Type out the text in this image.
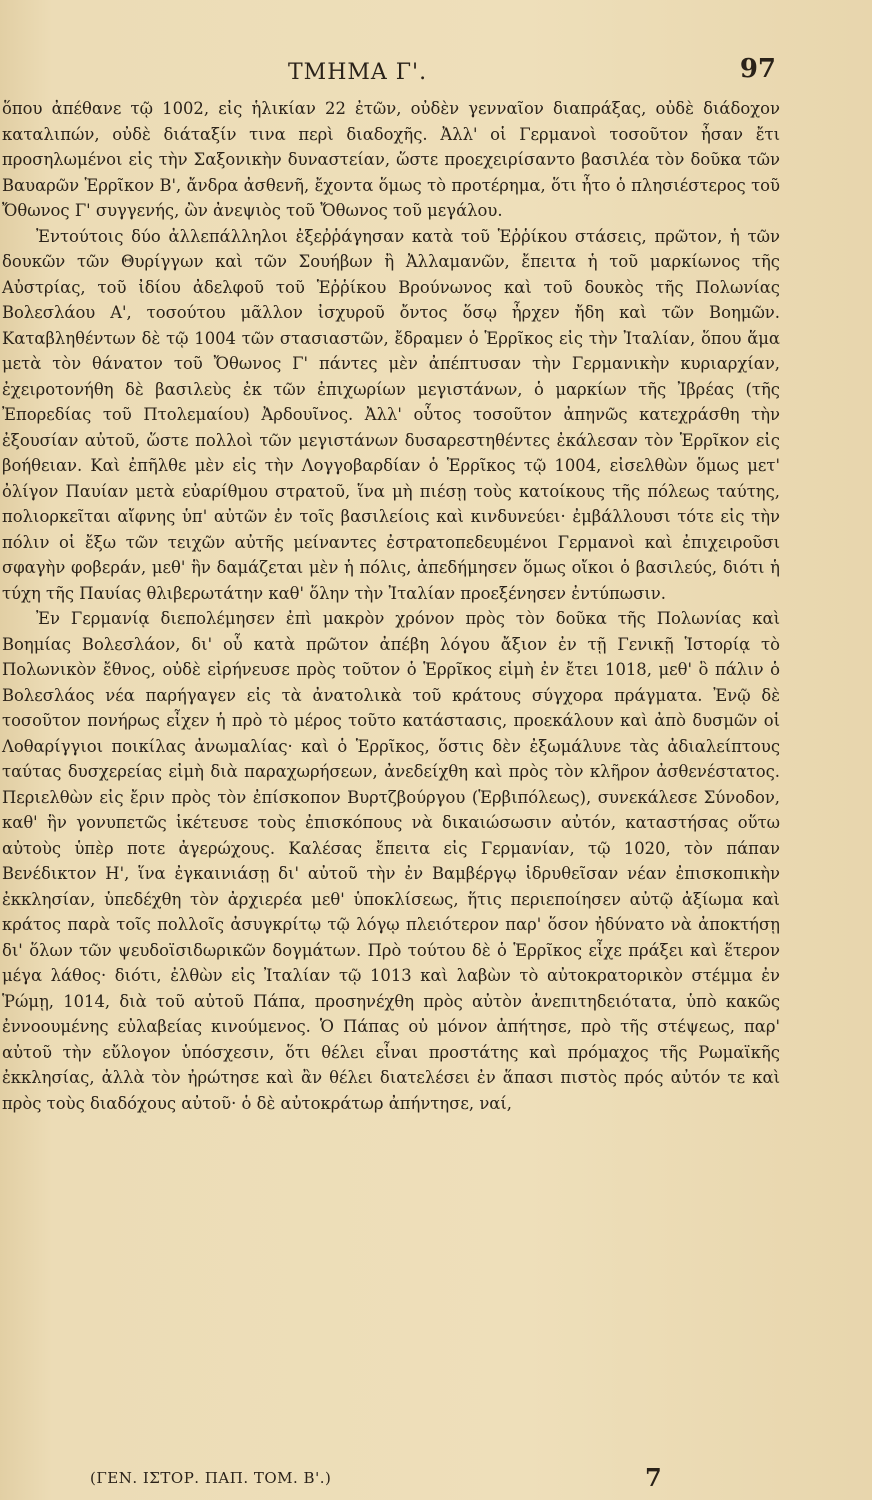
ΤΜΗΜΑ Γ'.	97

ὅπου ἀπέθανε τῷ 1002, εἰς ἡλικίαν 22 ἐτῶν, οὐδὲν γενναῖον διαπράξας, οὐδὲ διάδοχον καταλιπών, οὐδὲ διάταξίν τινα περὶ διαδοχῆς. Ἀλλ' οἱ Γερμανοὶ τοσοῦτον ἦσαν ἔτι προσηλωμένοι εἰς τὴν Σαξονικὴν δυναστείαν, ὥστε προεχειρίσαντο βασιλέα τὸν δοῦκα τῶν Βαυαρῶν Ἑρρῖκον Β', ἄνδρα ἀσθενῆ, ἔχοντα ὅμως τὸ προτέρημα, ὅτι ἦτο ὁ πλησιέστερος τοῦ Ὄθωνος Γ' συγγενής, ὢν ἀνεψιὸς τοῦ Ὄθωνος τοῦ μεγάλου.

Ἐντούτοις δύο ἀλλεπάλληλοι ἐξεῤῥάγησαν κατὰ τοῦ Ἑῤῥίκου στάσεις, πρῶτον, ἡ τῶν δουκῶν τῶν Θυρίγγων καὶ τῶν Σουήβων ἢ Ἀλλαμανῶν, ἔπειτα ἡ τοῦ μαρκίωνος τῆς Αὐστρίας, τοῦ ἰδίου ἀδελφοῦ τοῦ Ἑῤῥίκου Βρούνωνος καὶ τοῦ δουκὸς τῆς Πολωνίας Βολεσλάου Α', τοσούτου μᾶλλον ἰσχυροῦ ὄντος ὅσῳ ἦρχεν ἤδη καὶ τῶν Βοημῶν. Καταβληθέντων δὲ τῷ 1004 τῶν στασιαστῶν, ἔδραμεν ὁ Ἑρρῖκος εἰς τὴν Ἰταλίαν, ὅπου ἅμα μετὰ τὸν θάνατον τοῦ Ὄθωνος Γ' πάντες μὲν ἀπέπτυσαν τὴν Γερμανικὴν κυριαρχίαν, ἐχειροτονήθη δὲ βασιλεὺς ἐκ τῶν ἐπιχωρίων μεγιστάνων, ὁ μαρκίων τῆς Ἰβρέας (τῆς Ἐπορεδίας τοῦ Πτολεμαίου) Ἀρδουῖνος. Ἀλλ' οὗτος τοσοῦτον ἀπηνῶς κατεχράσθη τὴν ἐξουσίαν αὐτοῦ, ὥστε πολλοὶ τῶν μεγιστάνων δυσαρεστηθέντες ἐκάλεσαν τὸν Ἑρρῖκον εἰς βοήθειαν. Καὶ ἐπῆλθε μὲν εἰς τὴν Λογγοβαρδίαν ὁ Ἑρρῖκος τῷ 1004, εἰσελθὼν ὅμως μετ' ὀλίγον Παυίαν μετὰ εὐαρίθμου στρατοῦ, ἵνα μὴ πιέσῃ τοὺς κατοίκους τῆς πόλεως ταύτης, πολιορκεῖται αἴφνης ὑπ' αὐτῶν ἐν τοῖς βασιλείοις καὶ κινδυνεύει· ἐμβάλλουσι τότε εἰς τὴν πόλιν οἱ ἔξω τῶν τειχῶν αὐτῆς μείναντες ἐστρατοπεδευμένοι Γερμανοὶ καὶ ἐπιχειροῦσι σφαγὴν φοβεράν, μεθ' ἣν δαμάζεται μὲν ἡ πόλις, ἀπεδήμησεν ὅμως οἴκοι ὁ βασιλεύς, διότι ἡ τύχη τῆς Παυίας θλιβερωτάτην καθ' ὅλην τὴν Ἰταλίαν προεξένησεν ἐντύπωσιν.

Ἐν Γερμανίᾳ διεπολέμησεν ἐπὶ μακρὸν χρόνον πρὸς τὸν δοῦκα τῆς Πολωνίας καὶ Βοημίας Βολεσλάον, δι' οὗ κατὰ πρῶτον ἀπέβη λόγου ἄξιον ἐν τῇ Γενικῇ Ἱστορίᾳ τὸ Πολωνικὸν ἔθνος, οὐδὲ εἰρήνευσε πρὸς τοῦτον ὁ Ἑρρῖκος εἰμὴ ἐν ἔτει 1018, μεθ' ὃ πάλιν ὁ Βολεσλάος νέα παρήγαγεν εἰς τὰ ἀνατολικὰ τοῦ κράτους σύγχορα πράγματα. Ἐνῷ δὲ τοσοῦτον πονήρως εἶχεν ἡ πρὸ τὸ μέρος τοῦτο κατάστασις, προεκάλουν καὶ ἀπὸ δυσμῶν οἱ Λοθαρίγγιοι ποικίλας ἀνωμαλίας· καὶ ὁ Ἑρρῖκος, ὅστις δὲν ἐξωμάλυνε τὰς ἀδιαλείπτους ταύτας δυσχερείας εἰμὴ διὰ παραχωρήσεων, ἀνεδείχθη καὶ πρὸς τὸν κλῆρον ἀσθενέστατος. Περιελθὼν εἰς ἔριν πρὸς τὸν ἐπίσκοπον Βυρτζβούργου (Ἑρβιπόλεως), συνεκάλεσε Σύνοδον, καθ' ἣν γονυπετῶς ἱκέτευσε τοὺς ἐπισκόπους νὰ δικαιώσωσιν αὐτόν, καταστήσας οὕτω αὐτοὺς ὑπὲρ ποτε ἀγερώχους. Καλέσας ἔπειτα εἰς Γερμανίαν, τῷ 1020, τὸν πάπαν Βενέδικτον Η', ἵνα ἐγκαινιάσῃ δι' αὐτοῦ τὴν ἐν Βαμβέργῳ ἱδρυθεῖσαν νέαν ἐπισκοπικὴν ἐκκλησίαν, ὑπεδέχθη τὸν ἀρχιερέα μεθ' ὑποκλίσεως, ἥτις περιεποίησεν αὐτῷ ἀξίωμα καὶ κράτος παρὰ τοῖς πολλοῖς ἀσυγκρίτῳ τῷ λόγῳ πλειότερον παρ' ὅσον ἠδύνατο νὰ ἀποκτήσῃ δι' ὅλων τῶν ψευδοϊσιδωρικῶν δογμάτων. Πρὸ τούτου δὲ ὁ Ἑρρῖκος εἶχε πράξει καὶ ἕτερον μέγα λάθος· διότι, ἐλθὼν εἰς Ἰταλίαν τῷ 1013 καὶ λαβὼν τὸ αὐτοκρατορικὸν στέμμα ἐν Ῥώμῃ, 1014, διὰ τοῦ αὐτοῦ Πάπα, προσηνέχθη πρὸς αὐτὸν ἀνεπιτηδειότατα, ὑπὸ κακῶς ἐννοουμένης εὐλαβείας κινούμενος. Ὁ Πάπας οὐ μόνον ἀπήτησε, πρὸ τῆς στέψεως, παρ' αὐτοῦ τὴν εὔλογον ὑπόσχεσιν, ὅτι θέλει εἶναι προστάτης καὶ πρόμαχος τῆς Ρωμαϊκῆς ἐκκλησίας, ἀλλὰ τὸν ἠρώτησε καὶ ἂν θέλει διατελέσει ἐν ἅπασι πιστὸς πρός αὐτόν τε καὶ πρὸς τοὺς διαδόχους αὐτοῦ· ὁ δὲ αὐτοκράτωρ ἀπήντησε, ναί,

(ΓΕΝ. ΙΣΤΟΡ. ΠΑΠ. ΤΟΜ. Β'.)	7
